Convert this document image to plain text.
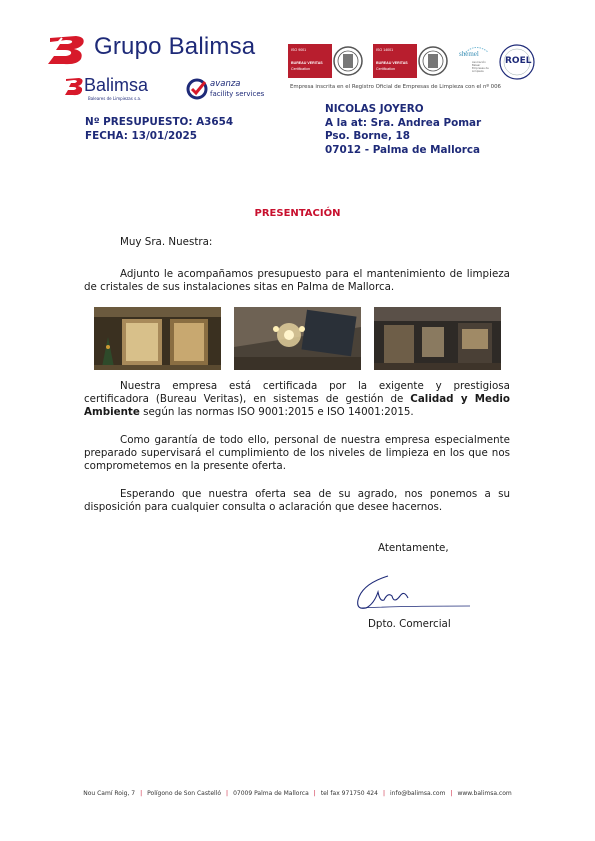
Grupo Balimsa
Balimsa
Baleares de Limpiezas s.a.
avanza
facility services
ISO 9001
BUREAU VERITAS
Certification
ISO 14001
BUREAU VERITAS
Certification
shemel
Asociación Balear Empresas de Limpieza
ROEL
Empresa inscrita en el Registro Oficial de Empresas de Limpieza con el nº 006
Nº PRESUPUESTO: A3654
FECHA: 13/01/2025
NICOLAS JOYERO
A la at: Sra. Andrea Pomar
Pso. Borne, 18
07012 - Palma de Mallorca
PRESENTACIÓN
Muy Sra. Nuestra:
Adjunto le acompañamos presupuesto para el mantenimiento de limpieza de cristales de sus instalaciones sitas en Palma de Mallorca.
Nuestra empresa está certificada por la exigente y prestigiosa certificadora (Bureau Veritas), en sistemas de gestión de Calidad y Medio Ambiente según las normas ISO 9001:2015 e ISO 14001:2015.
Como garantía de todo ello, personal de nuestra empresa especialmente preparado supervisará el cumplimiento de los niveles de limpieza en los que nos comprometemos en la presente oferta.
Esperando que nuestra oferta sea de su agrado, nos ponemos a su disposición para cualquier consulta o aclaración que desee hacernos.
Atentamente,
Dpto. Comercial
Nou Camí Roig, 7 | Polígono de Son Castelló | 07009 Palma de Mallorca | tel fax 971750 424 | info@balimsa.com | www.balimsa.com
